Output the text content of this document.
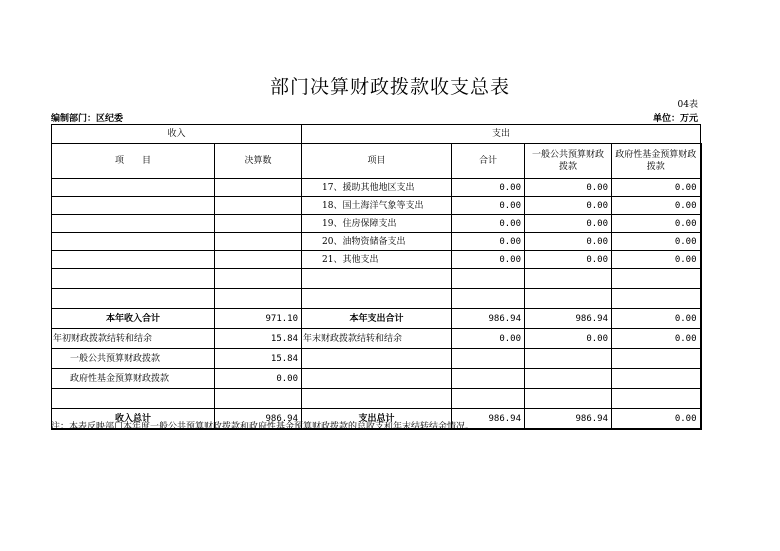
部门决算财政拨款收支总表
04表
编制部门：区纪委	单位：万元
收入		支出			
项　　目	决算数	项目	合计	一般公共预算财政拨款	政府性基金预算财政拨款
		17、援助其他地区支出	0.00	0.00	0.00
		18、国土海洋气象等支出	0.00	0.00	0.00
		19、住房保障支出	0.00	0.00	0.00
		20、油物资储备支出	0.00	0.00	0.00
		21、其他支出	0.00	0.00	0.00

本年收入合计	971.10	本年支出合计	986.94	986.94	0.00
年初财政拨款结转和结余	15.84	年末财政拨款结转和结余	0.00	0.00	0.00
一般公共预算财政拨款	15.84				
政府性基金预算财政拨款	0.00				

收入总计	986.94	支出总计	986.94	986.94	0.00
注：本表反映部门本年度一般公共预算财政拨款和政府性基金预算财政拨款的总收支和年末结转结余情况。
